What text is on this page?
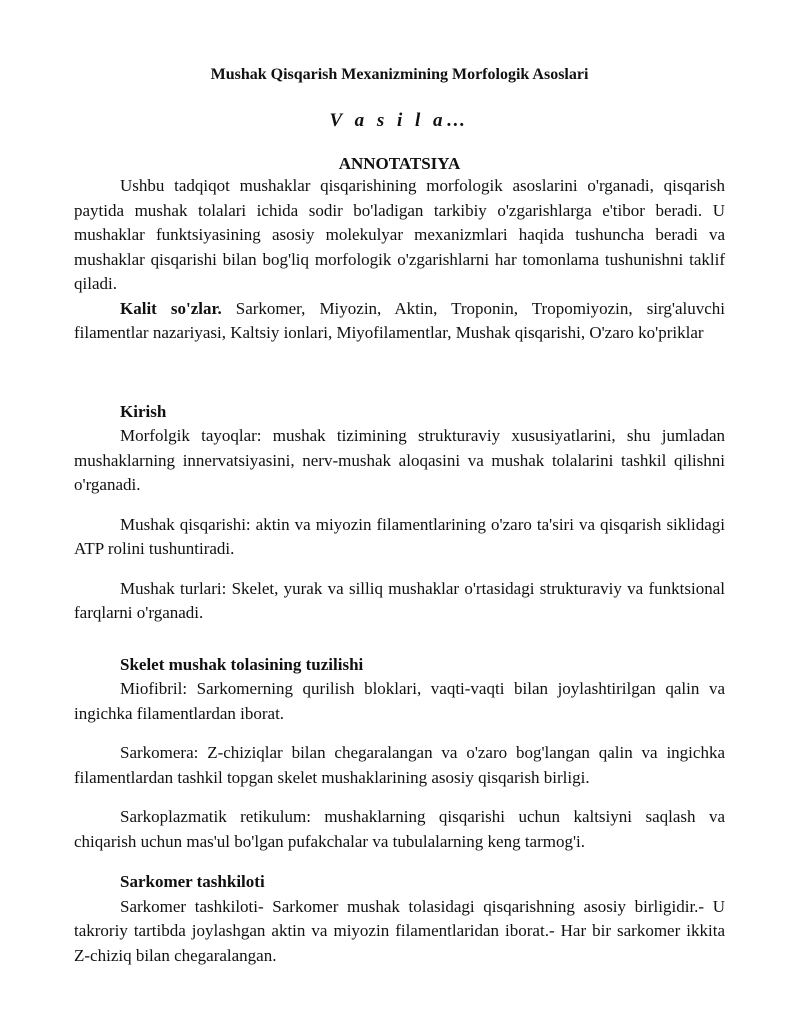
Mushak Qisqarish Mexanizmining Morfologik Asoslari
V a s i l a…
ANNOTATSIYA

Ushbu tadqiqot mushaklar qisqarishining morfologik asoslarini o'rganadi, qisqarish paytida mushak tolalari ichida sodir bo'ladigan tarkibiy o'zgarishlarga e'tibor beradi. U mushaklar funktsiyasining asosiy molekulyar mexanizmlari haqida tushuncha beradi va mushaklar qisqarishi bilan bog'liq morfologik o'zgarishlarni har tomonlama tushunishni taklif qiladi.

Kalit so'zlar. Sarkomer, Miyozin, Aktin, Troponin, Tropomiyozin, sirg'aluvchi filamentlar nazariyasi, Kaltsiy ionlari, Miyofilamentlar, Mushak qisqarishi, O'zaro ko'priklar

Kirish

Morfolgik tayoqlar: mushak tizimining strukturaviy xususiyatlarini, shu jumladan mushaklarning innervatsiyasini, nerv-mushak aloqasini va mushak tolalarini tashkil qilishni o'rganadi.

Mushak qisqarishi: aktin va miyozin filamentlarining o'zaro ta'siri va qisqarish siklidagi ATP rolini tushuntiradi.

Mushak turlari: Skelet, yurak va silliq mushaklar o'rtasidagi strukturaviy va funktsional farqlarni o'rganadi.

Skelet mushak tolasining tuzilishi

Miofibril: Sarkomerning qurilish bloklari, vaqti-vaqti bilan joylashtirilgan qalin va ingichka filamentlardan iborat.

Sarkomera: Z-chiziqlar bilan chegaralangan va o'zaro bog'langan qalin va ingichka filamentlardan tashkil topgan skelet mushaklarining asosiy qisqarish birligi.

Sarkoplazmatik retikulum: mushaklarning qisqarishi uchun kaltsiyni saqlash va chiqarish uchun mas'ul bo'lgan pufakchalar va tubulalarning keng tarmog'i.

Sarkomer tashkiloti

Sarkomer tashkiloti- Sarkomer mushak tolasidagi qisqarishning asosiy birligidir.- U takroriy tartibda joylashgan aktin va miyozin filamentlaridan iborat.- Har bir sarkomer ikkita Z-chiziq bilan chegaralangan.
